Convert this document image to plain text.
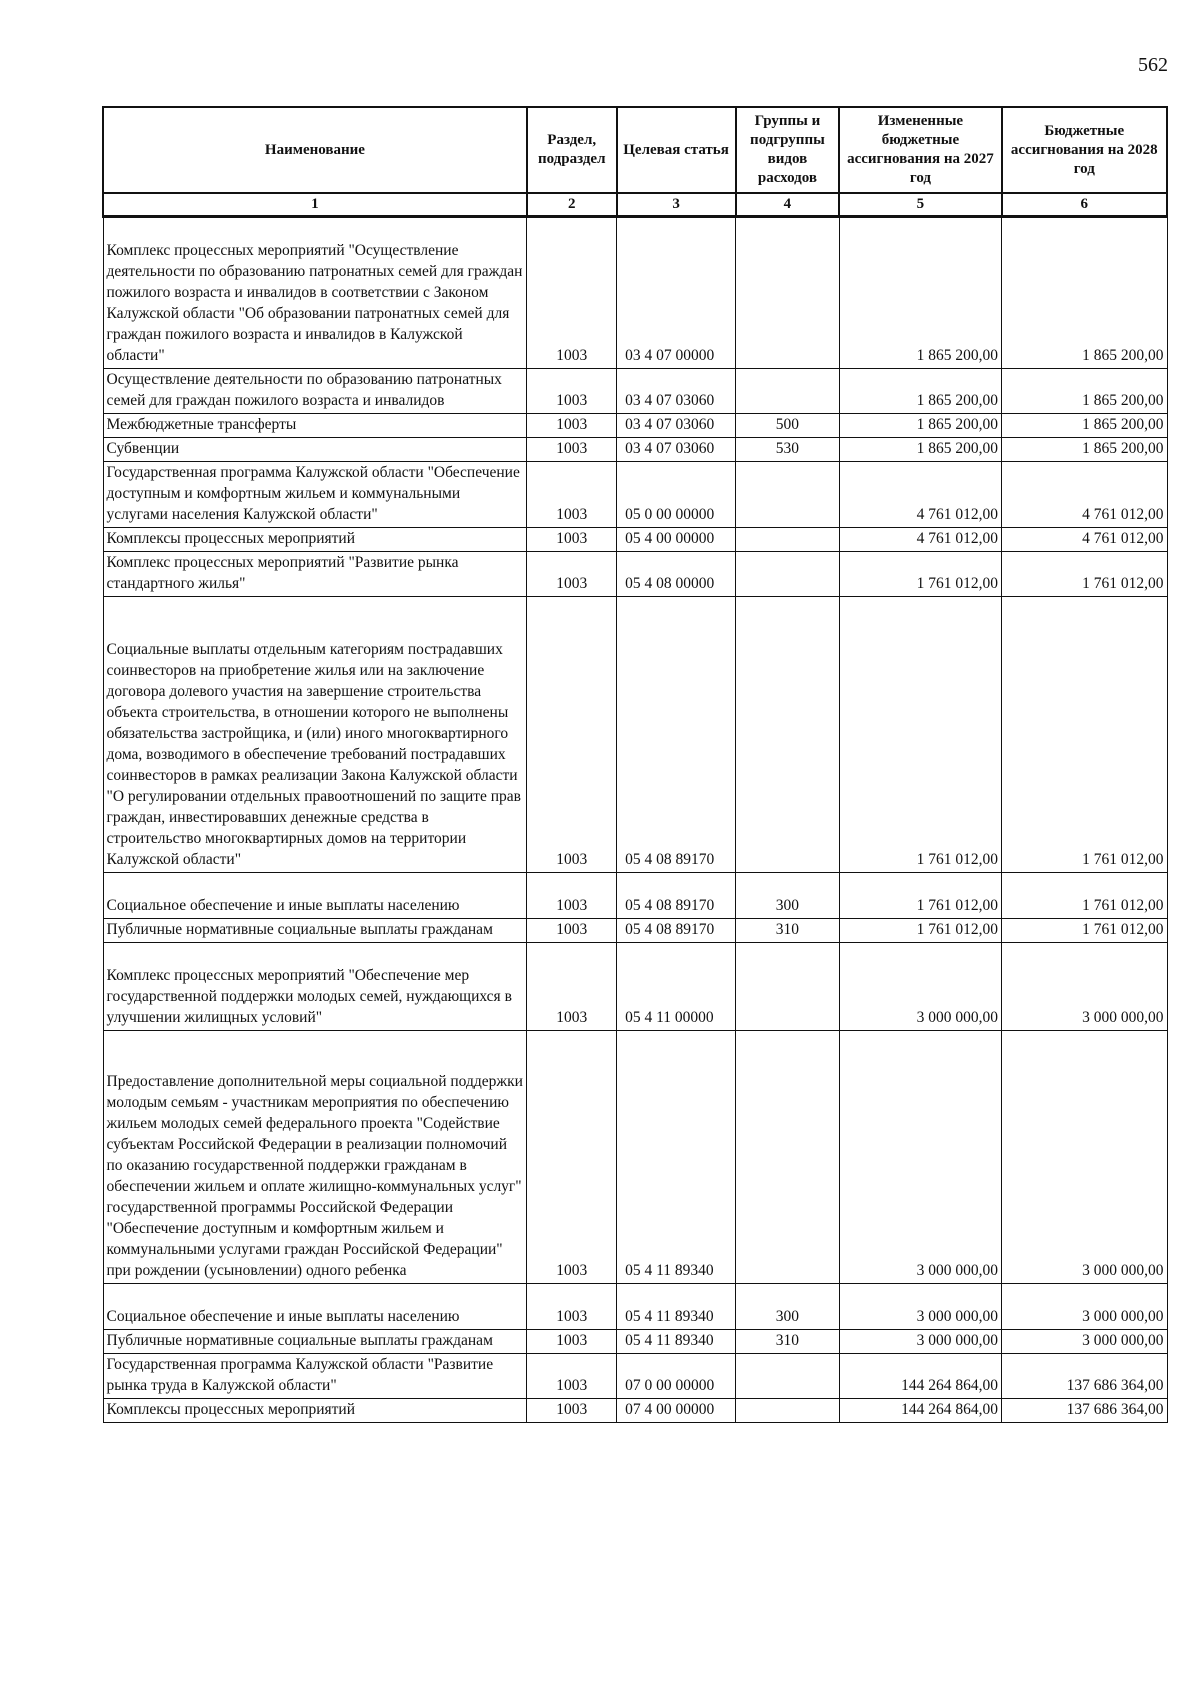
562
Наименование	Раздел, подраздел	Целевая статья	Группы и подгруппы видов расходов	Измененные бюджетные ассигнования на 2027 год	Бюджетные ассигнования на 2028 год
1	2	3	4	5	6
Комплекс процессных мероприятий "Осуществление деятельности по образованию патронатных семей для граждан пожилого возраста и инвалидов в соответствии с Законом Калужской области "Об образовании патронатных семей для граждан пожилого возраста и инвалидов в Калужской области"	1003	03 4 07 00000		1 865 200,00	1 865 200,00
Осуществление деятельности по образованию патронатных семей для граждан пожилого возраста и инвалидов	1003	03 4 07 03060		1 865 200,00	1 865 200,00
Межбюджетные трансферты	1003	03 4 07 03060	500	1 865 200,00	1 865 200,00
Субвенции	1003	03 4 07 03060	530	1 865 200,00	1 865 200,00
Государственная программа Калужской области "Обеспечение доступным и комфортным жильем и коммунальными услугами населения Калужской области"	1003	05 0 00 00000		4 761 012,00	4 761 012,00
Комплексы процессных мероприятий	1003	05 4 00 00000		4 761 012,00	4 761 012,00
Комплекс процессных мероприятий "Развитие рынка стандартного жилья"	1003	05 4 08 00000		1 761 012,00	1 761 012,00
Социальные выплаты отдельным категориям пострадавших соинвесторов на приобретение жилья или на заключение договора долевого участия на завершение строительства объекта строительства, в отношении которого не выполнены обязательства застройщика, и (или) иного многоквартирного дома, возводимого в обеспечение требований пострадавших соинвесторов в рамках реализации Закона Калужской области "О регулировании отдельных правоотношений по защите прав граждан, инвестировавших денежные средства в строительство многоквартирных домов на территории Калужской области"	1003	05 4 08 89170		1 761 012,00	1 761 012,00
Социальное обеспечение и иные выплаты населению	1003	05 4 08 89170	300	1 761 012,00	1 761 012,00
Публичные нормативные социальные выплаты гражданам	1003	05 4 08 89170	310	1 761 012,00	1 761 012,00
Комплекс процессных мероприятий "Обеспечение мер государственной поддержки молодых семей, нуждающихся в улучшении жилищных условий"	1003	05 4 11 00000		3 000 000,00	3 000 000,00
Предоставление дополнительной меры социальной поддержки молодым семьям - участникам мероприятия по обеспечению жильем молодых семей федерального проекта "Содействие субъектам Российской Федерации в реализации полномочий по оказанию государственной поддержки гражданам в обеспечении жильем и оплате жилищно-коммунальных услуг" государственной программы Российской Федерации "Обеспечение доступным и комфортным жильем и коммунальными услугами граждан Российской Федерации" при рождении (усыновлении) одного ребенка	1003	05 4 11 89340		3 000 000,00	3 000 000,00
Социальное обеспечение и иные выплаты населению	1003	05 4 11 89340	300	3 000 000,00	3 000 000,00
Публичные нормативные социальные выплаты гражданам	1003	05 4 11 89340	310	3 000 000,00	3 000 000,00
Государственная программа Калужской области "Развитие рынка труда в Калужской области"	1003	07 0 00 00000		144 264 864,00	137 686 364,00
Комплексы процессных мероприятий	1003	07 4 00 00000		144 264 864,00	137 686 364,00
